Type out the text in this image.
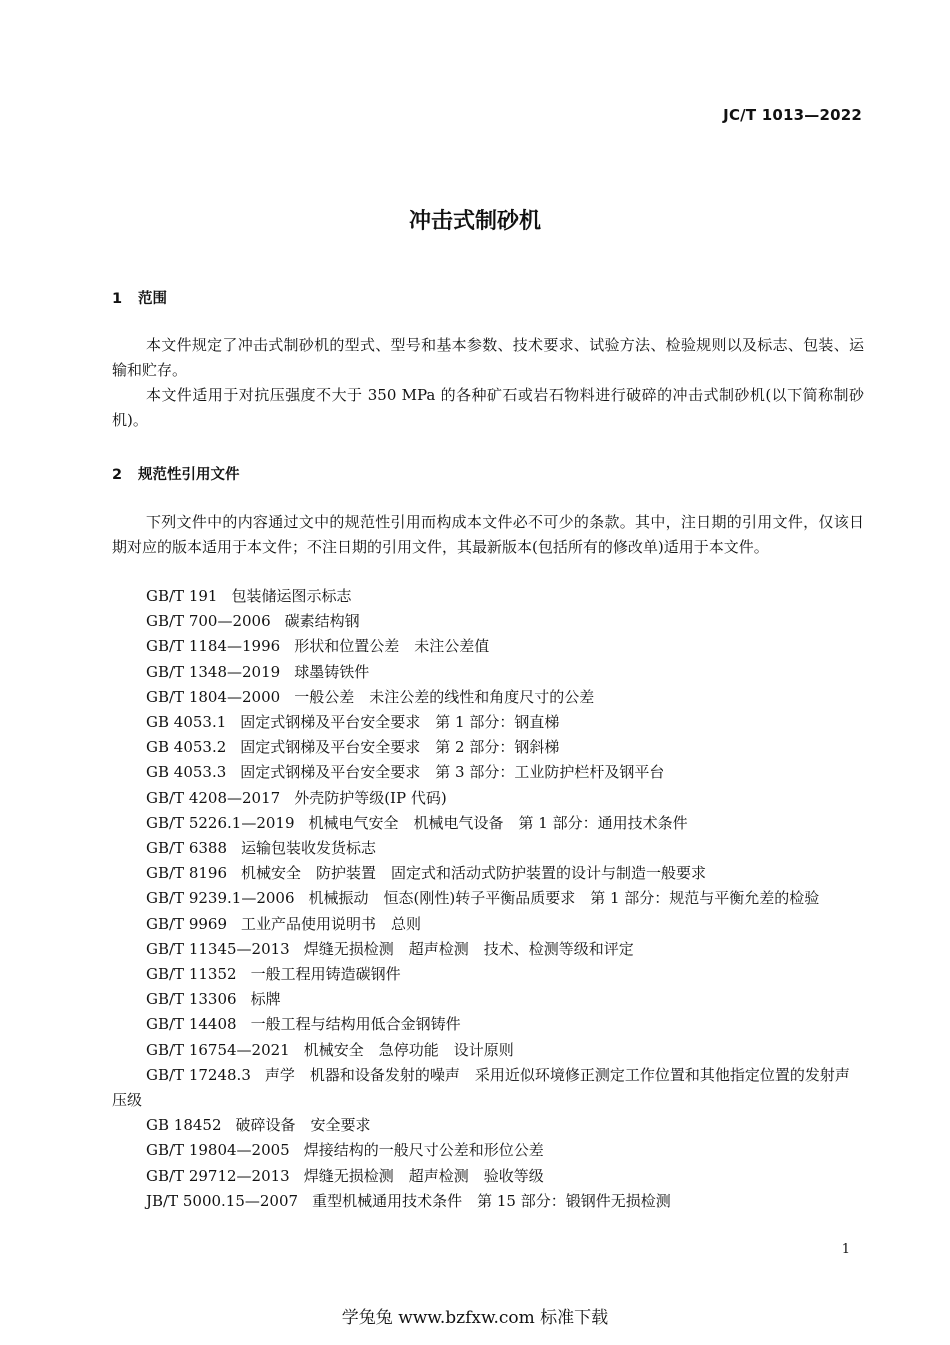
JC/T 1013—2022
冲击式制砂机
1 范围
本文件规定了冲击式制砂机的型式、型号和基本参数、技术要求、试验方法、检验规则以及标志、包装、运输和贮存。
本文件适用于对抗压强度不大于 350 MPa 的各种矿石或岩石物料进行破碎的冲击式制砂机(以下简称制砂机)。
2 规范性引用文件
下列文件中的内容通过文中的规范性引用而构成本文件必不可少的条款。其中，注日期的引用文件，仅该日期对应的版本适用于本文件；不注日期的引用文件，其最新版本(包括所有的修改单)适用于本文件。
GB/T 191 包装储运图示标志
GB/T 700—2006 碳素结构钢
GB/T 1184—1996 形状和位置公差　未注公差值
GB/T 1348—2019 球墨铸铁件
GB/T 1804—2000 一般公差　未注公差的线性和角度尺寸的公差
GB 4053.1 固定式钢梯及平台安全要求　第 1 部分：钢直梯
GB 4053.2 固定式钢梯及平台安全要求　第 2 部分：钢斜梯
GB 4053.3 固定式钢梯及平台安全要求　第 3 部分：工业防护栏杆及钢平台
GB/T 4208—2017 外壳防护等级(IP 代码)
GB/T 5226.1—2019 机械电气安全　机械电气设备　第 1 部分：通用技术条件
GB/T 6388 运输包装收发货标志
GB/T 8196 机械安全　防护装置　固定式和活动式防护装置的设计与制造一般要求
GB/T 9239.1—2006 机械振动　恒态(刚性)转子平衡品质要求　第 1 部分：规范与平衡允差的检验
GB/T 9969 工业产品使用说明书　总则
GB/T 11345—2013 焊缝无损检测　超声检测　技术、检测等级和评定
GB/T 11352 一般工程用铸造碳钢件
GB/T 13306 标牌
GB/T 14408 一般工程与结构用低合金钢铸件
GB/T 16754—2021 机械安全　急停功能　设计原则
GB/T 17248.3 声学　机器和设备发射的噪声　采用近似环境修正测定工作位置和其他指定位置的发射声压级
GB 18452 破碎设备　安全要求
GB/T 19804—2005 焊接结构的一般尺寸公差和形位公差
GB/T 29712—2013 焊缝无损检测　超声检测　验收等级
JB/T 5000.15—2007 重型机械通用技术条件　第 15 部分：锻钢件无损检测
1
学兔兔 www.bzfxw.com 标准下载
